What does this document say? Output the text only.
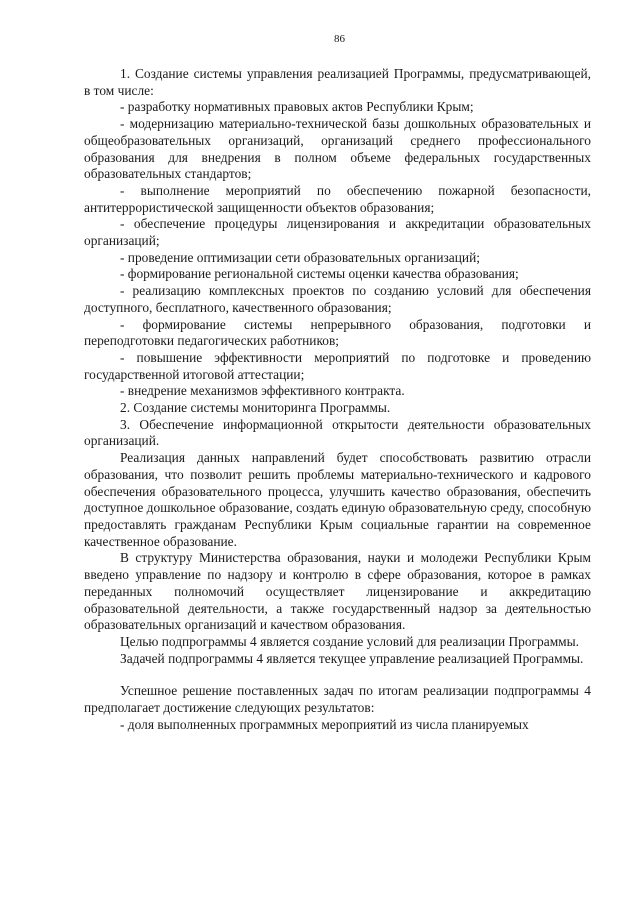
86

1. Создание системы управления реализацией Программы, предусматривающей, в том числе:

- разработку нормативных правовых актов Республики Крым;

- модернизацию материально-технической базы дошкольных образовательных и общеобразовательных организаций, организаций среднего профессионального образования для внедрения в полном объеме федеральных государственных образовательных стандартов;

- выполнение мероприятий по обеспечению пожарной безопасности, антитеррористической защищенности объектов образования;

- обеспечение процедуры лицензирования и аккредитации образовательных организаций;

- проведение оптимизации сети образовательных организаций;

- формирование региональной системы оценки качества образования;

- реализацию комплексных проектов по созданию условий для обеспечения доступного, бесплатного, качественного образования;

- формирование системы непрерывного образования, подготовки и переподготовки педагогических работников;

- повышение эффективности мероприятий по подготовке и проведению государственной итоговой аттестации;

- внедрение механизмов эффективного контракта.

2. Создание системы мониторинга Программы.

3. Обеспечение информационной открытости деятельности образовательных организаций.

Реализация данных направлений будет способствовать развитию отрасли образования, что позволит решить проблемы материально-технического и кадрового обеспечения образовательного процесса, улучшить качество образования, обеспечить доступное дошкольное образование, создать единую образовательную среду, способную предоставлять гражданам Республики Крым социальные гарантии на современное качественное образование.

В структуру Министерства образования, науки и молодежи Республики Крым введено управление по надзору и контролю в сфере образования, которое в рамках переданных полномочий осуществляет лицензирование и аккредитацию образовательной деятельности, а также государственный надзор за деятельностью образовательных организаций и качеством образования.

Целью подпрограммы 4 является создание условий для реализации Программы.

Задачей подпрограммы 4 является текущее управление реализацией Программы.

Успешное решение поставленных задач по итогам реализации подпрограммы 4 предполагает достижение следующих результатов:

- доля выполненных программных мероприятий из числа планируемых
